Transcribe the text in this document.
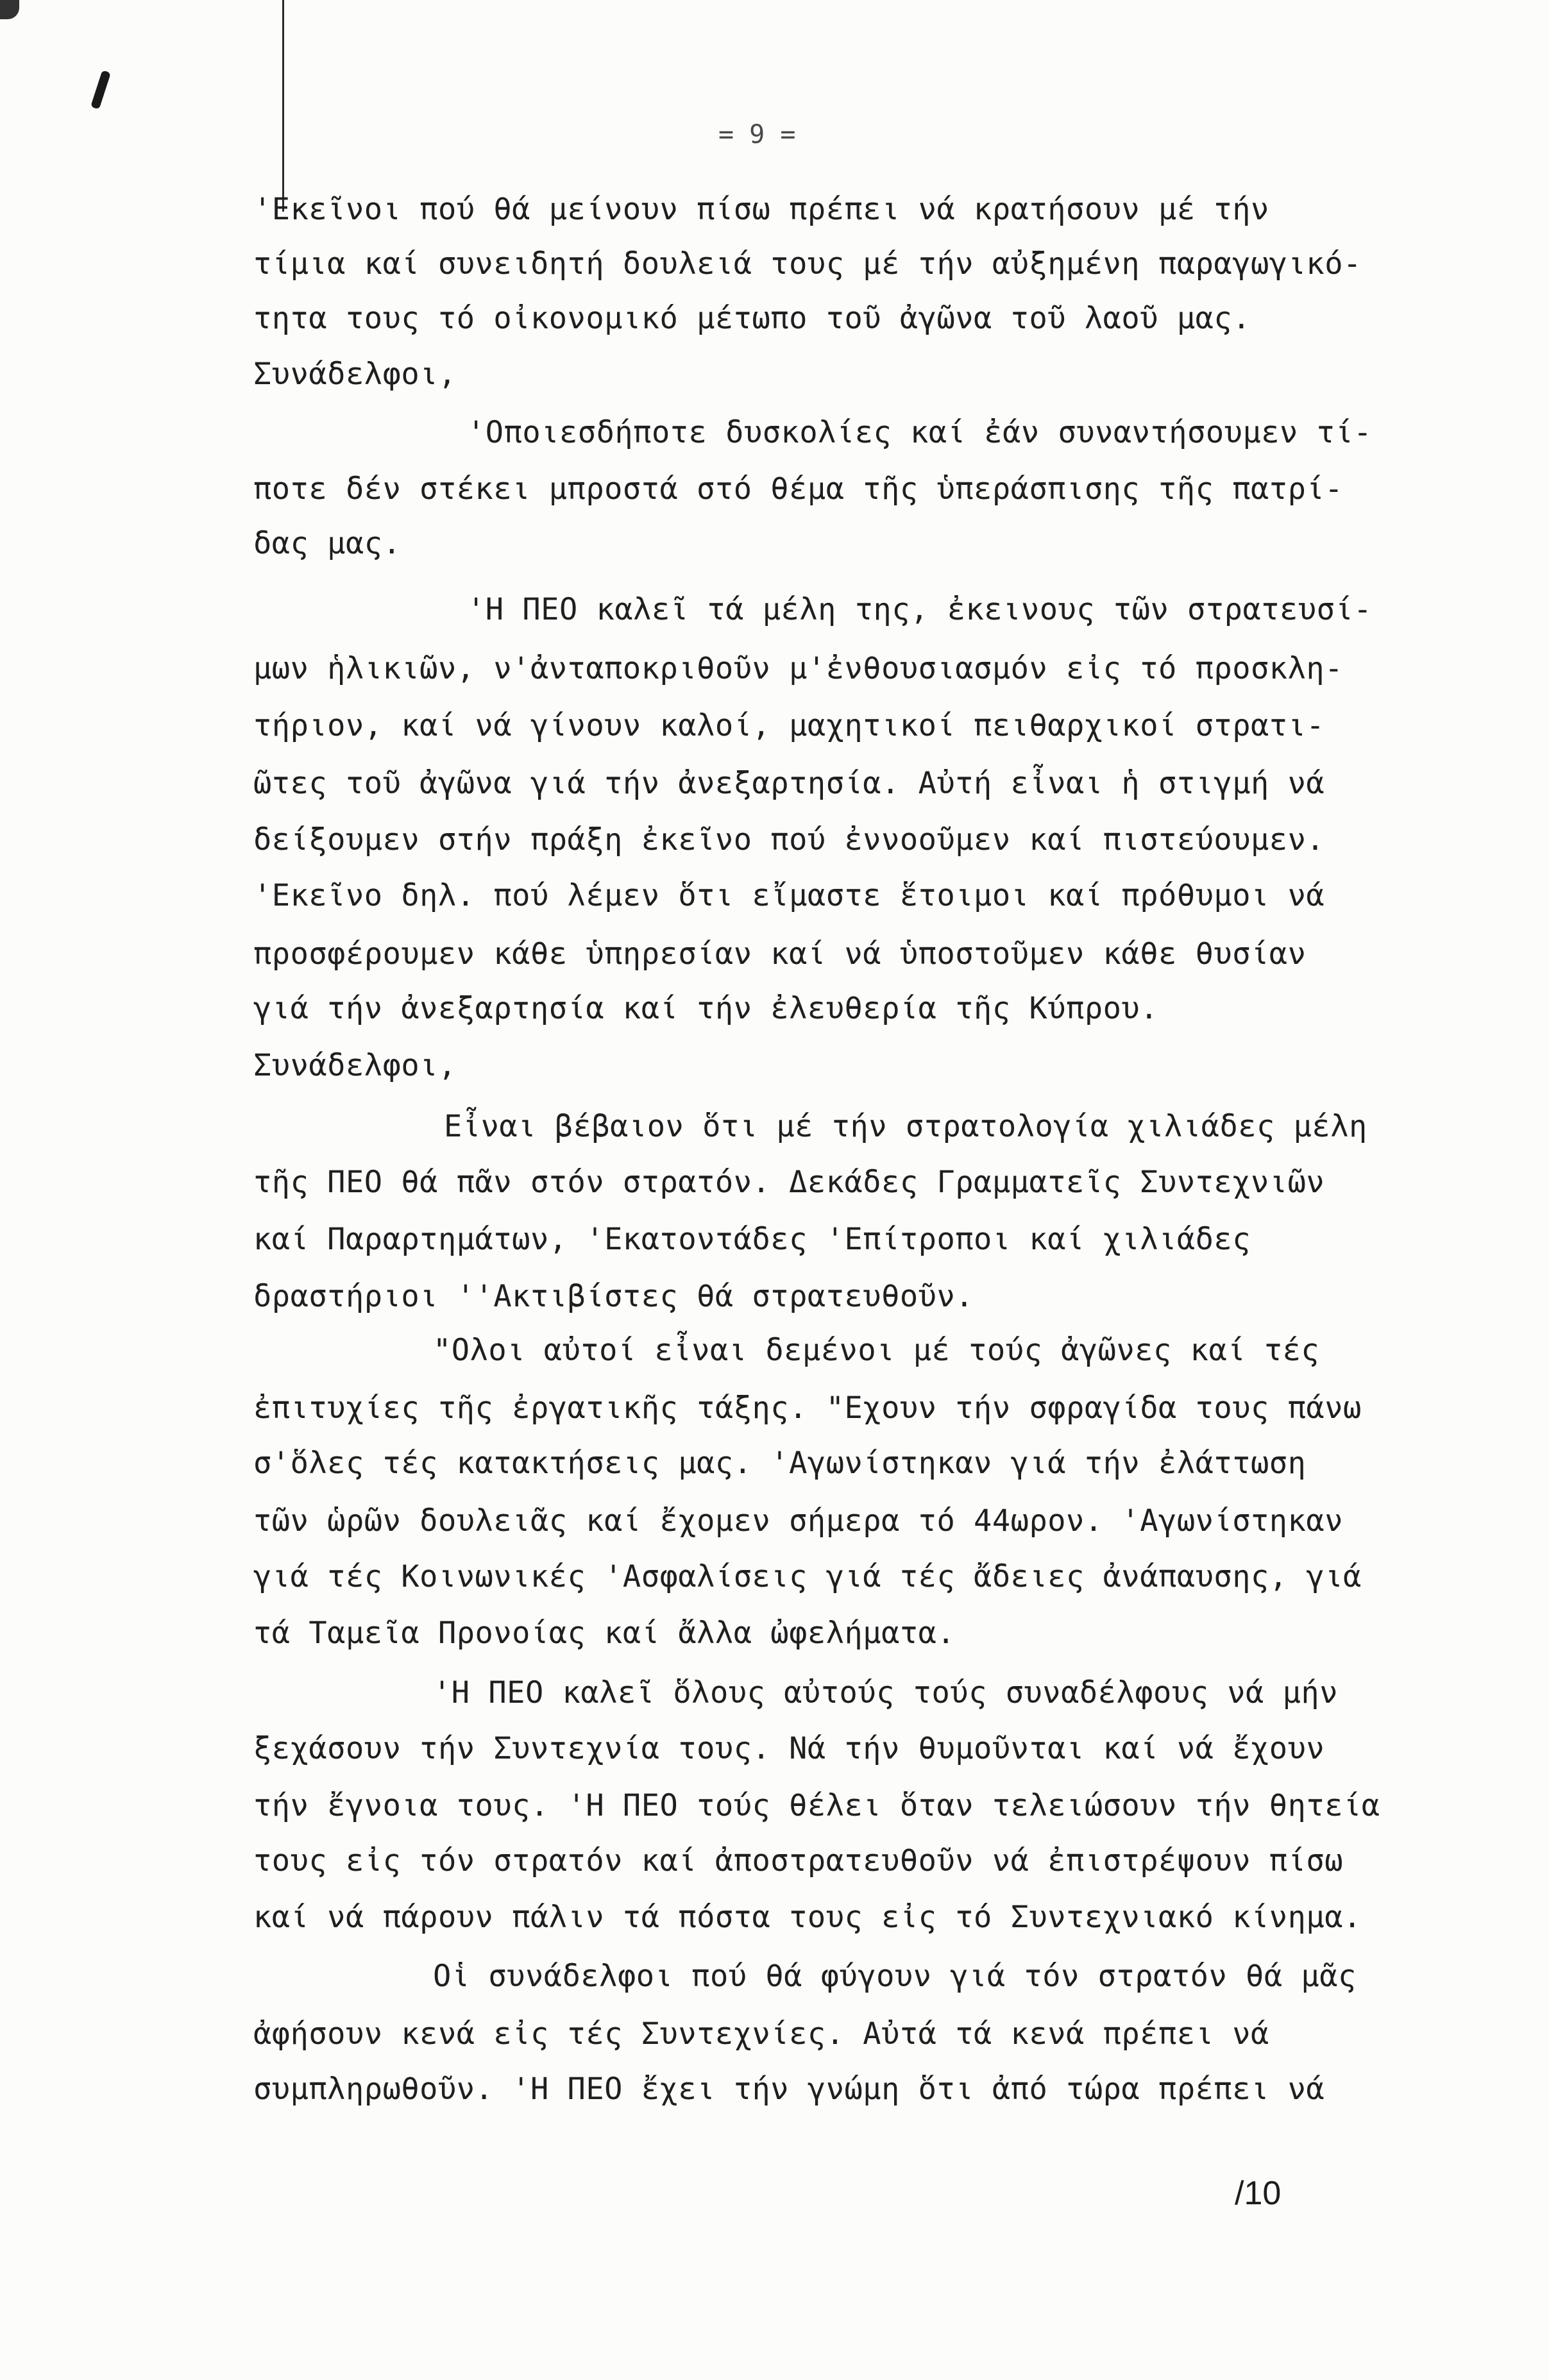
= 9 =
'Εκεῖνοι πού θά μείνουν πίσω πρέπει νά κρατήσουν μέ τήν
τίμια καί συνειδητή δουλειά τους μέ τήν αὐξημένη παραγωγικό-
τητα τους τό οἰκονομικό μέτωπο τοῦ ἀγῶνα τοῦ λαοῦ μας.
Συνάδελφοι,
'Οποιεσδήποτε δυσκολίες καί ἐάν συναντήσουμεν τί-
ποτε δέν στέκει μπροστά στό θέμα τῆς ὑπεράσπισης τῆς πατρί-
δας μας.
'Η ΠΕΟ καλεῖ τά μέλη της, ἐκεινους τῶν στρατευσί-
μων ἡλικιῶν, ν'ἀνταποκριθοῦν μ'ἐνθουσιασμόν εἰς τό προσκλη-
τήριον, καί νά γίνουν καλοί, μαχητικοί πειθαρχικοί στρατι-
ῶτες τοῦ ἀγῶνα γιά τήν ἀνεξαρτησία. Αὐτή εἶναι ἡ στιγμή νά
δείξουμεν στήν πράξη ἐκεῖνο πού ἐννοοῦμεν καί πιστεύουμεν.
'Εκεῖνο δηλ. πού λέμεν ὅτι εἴμαστε ἕτοιμοι καί πρόθυμοι νά
προσφέρουμεν κάθε ὑπηρεσίαν καί νά ὑποστοῦμεν κάθε θυσίαν
γιά τήν ἀνεξαρτησία καί τήν ἐλευθερία τῆς Κύπρου.
Συνάδελφοι,
Εἶναι βέβαιον ὅτι μέ τήν στρατολογία χιλιάδες μέλη
τῆς ΠΕΟ θά πᾶν στόν στρατόν. Δεκάδες Γραμματεῖς Συντεχνιῶν
καί Παραρτημάτων, 'Εκατοντάδες 'Επίτροποι καί χιλιάδες
δραστήριοι ''Ακτιβίστες θά στρατευθοῦν.
"Ολοι αὐτοί εἶναι δεμένοι μέ τούς ἀγῶνες καί τές
ἐπιτυχίες τῆς ἐργατικῆς τάξης. "Εχουν τήν σφραγίδα τους πάνω
σ'ὅλες τές κατακτήσεις μας. 'Αγωνίστηκαν γιά τήν ἐλάττωση
τῶν ὡρῶν δουλειᾶς καί ἔχομεν σήμερα τό 44ωρον. 'Αγωνίστηκαν
γιά τές Κοινωνικές 'Ασφαλίσεις γιά τές ἄδειες ἀνάπαυσης, γιά
τά Ταμεῖα Προνοίας καί ἄλλα ὠφελήματα.
'Η ΠΕΟ καλεῖ ὅλους αὐτούς τούς συναδέλφους νά μήν
ξεχάσουν τήν Συντεχνία τους. Νά τήν θυμοῦνται καί νά ἔχουν
τήν ἔγνοια τους. 'Η ΠΕΟ τούς θέλει ὅταν τελειώσουν τήν θητεία
τους εἰς τόν στρατόν καί ἀποστρατευθοῦν νά ἐπιστρέψουν πίσω
καί νά πάρουν πάλιν τά πόστα τους εἰς τό Συντεχνιακό κίνημα.
Οἱ συνάδελφοι πού θά φύγουν γιά τόν στρατόν θά μᾶς
ἀφήσουν κενά εἰς τές Συντεχνίες. Αὐτά τά κενά πρέπει νά
συμπληρωθοῦν. 'Η ΠΕΟ ἔχει τήν γνώμη ὅτι ἀπό τώρα πρέπει νά
/10
